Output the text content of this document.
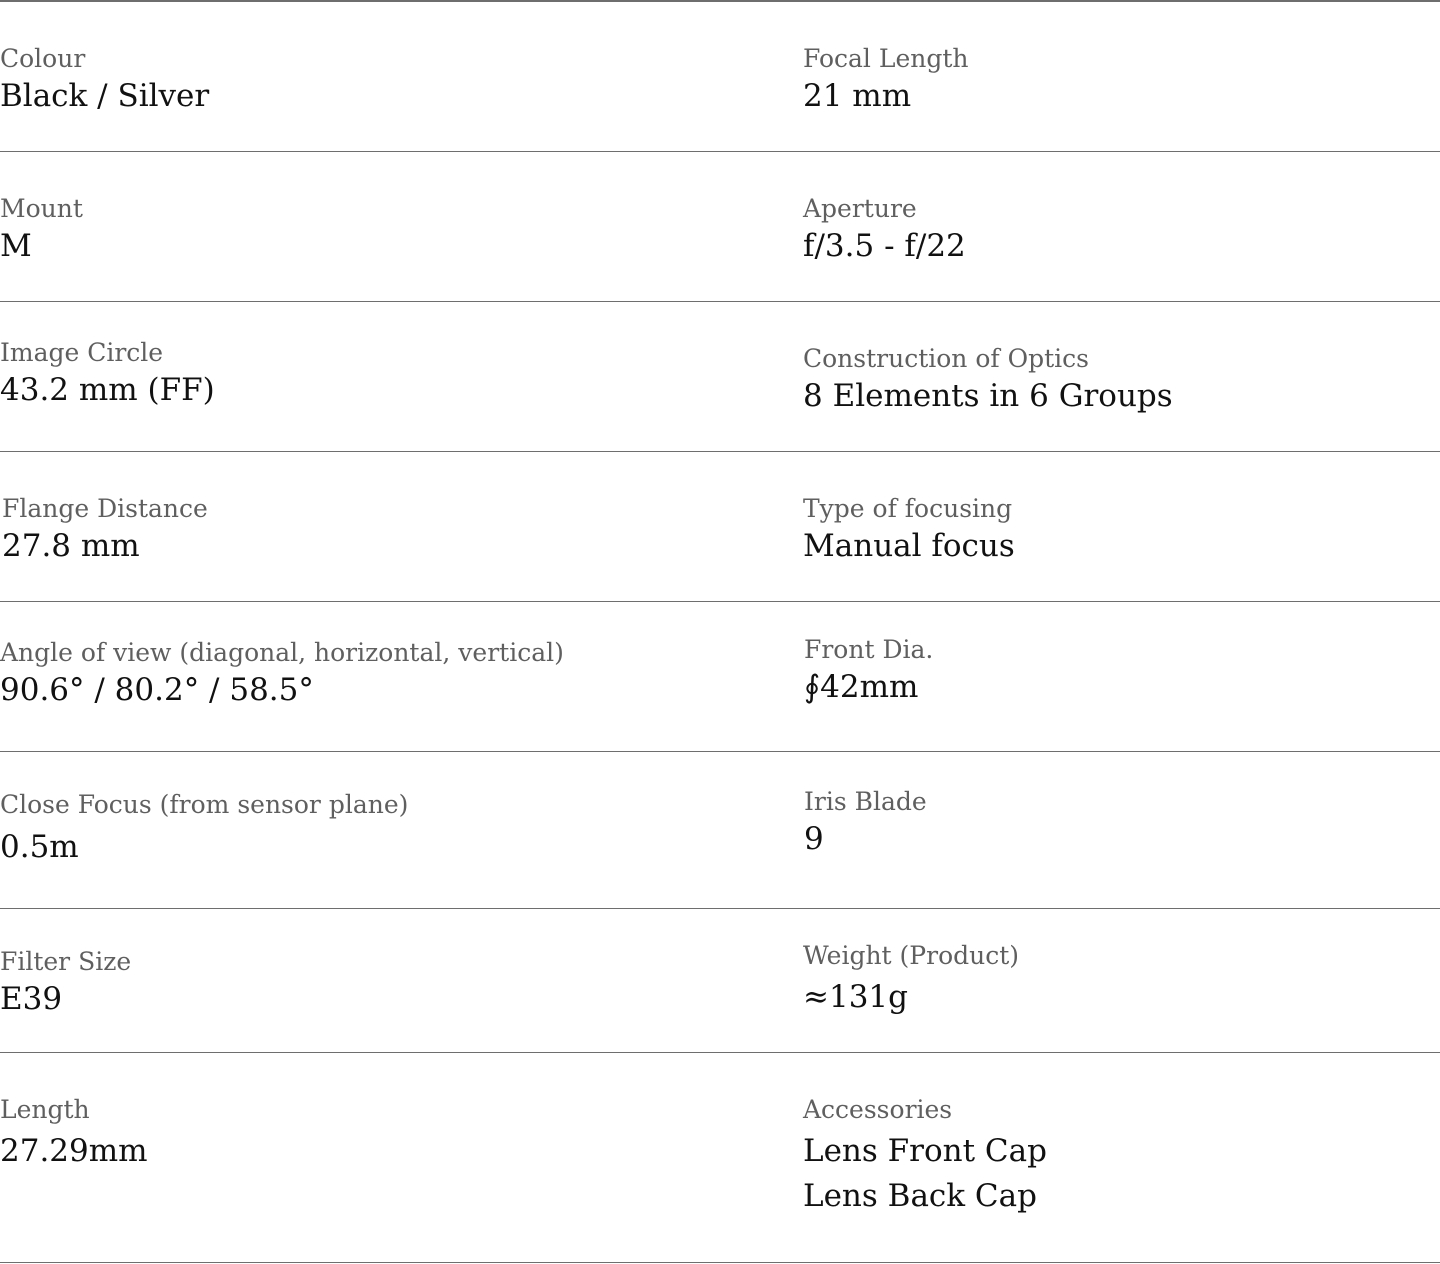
Colour
Black / Silver
Focal Length
21 mm
Mount
M
Aperture
f/3.5 - f/22
Image Circle
43.2 mm (FF)
Construction of Optics
8 Elements in 6 Groups
Flange Distance
27.8 mm
Type of focusing
Manual focus
Angle of view (diagonal, horizontal, vertical)
90.6° / 80.2° / 58.5°
Front Dia.
∮42mm
Close Focus (from sensor plane)
0.5m
Iris Blade
9
Filter Size
E39
Weight (Product)
≈131g
Length
27.29mm
Accessories
Lens Front Cap
Lens Back Cap
